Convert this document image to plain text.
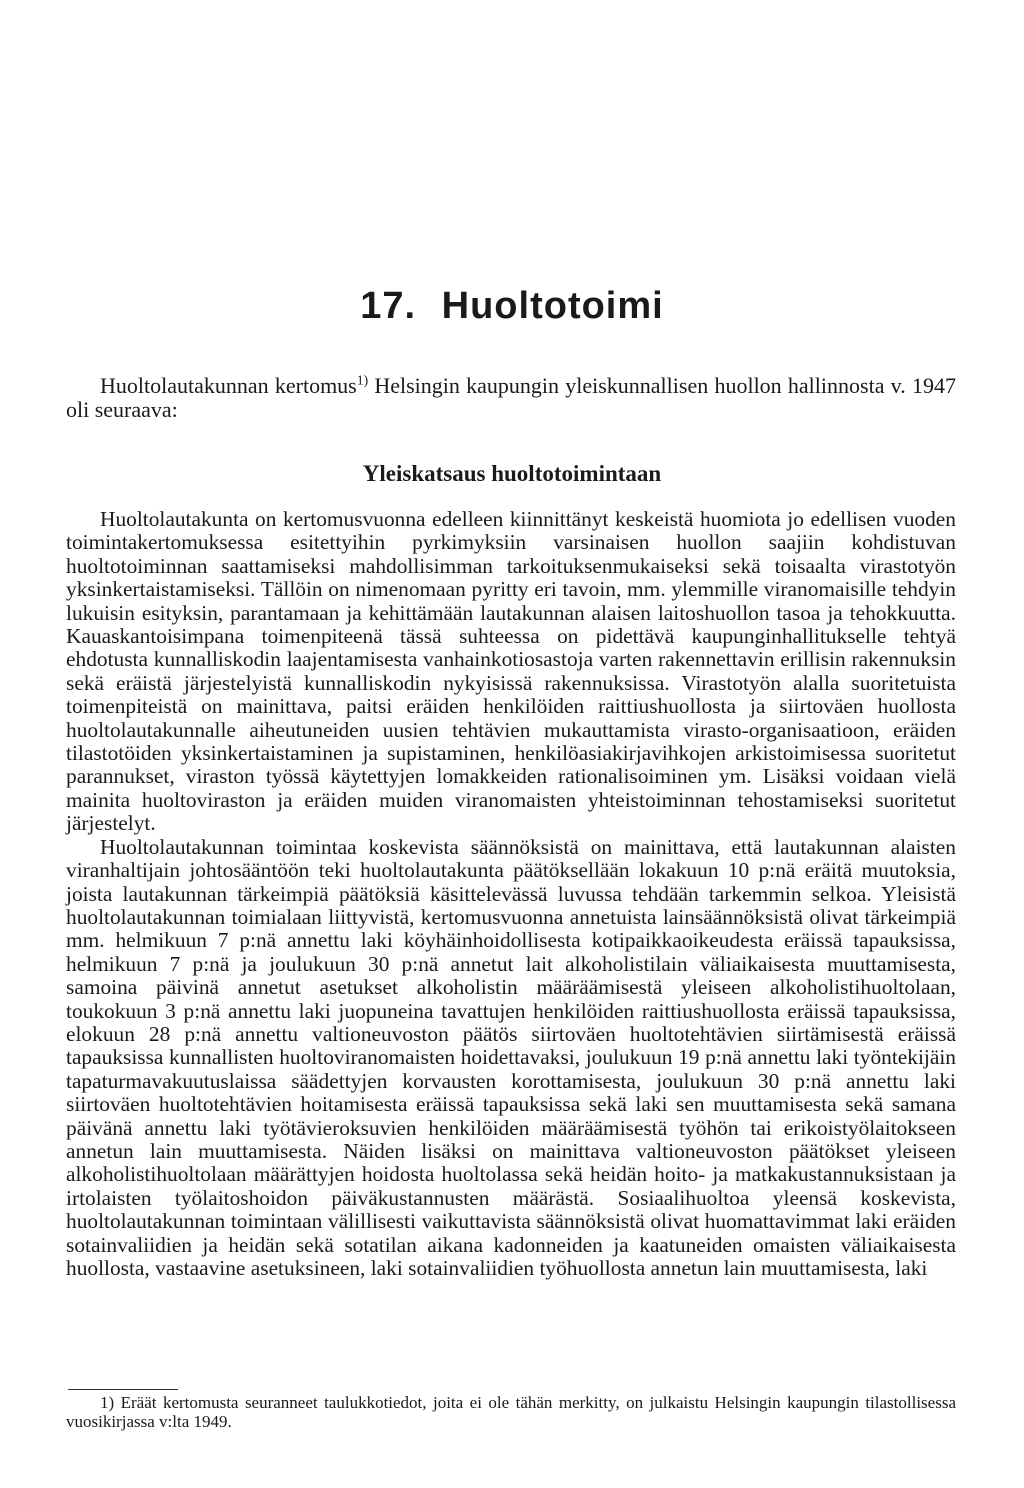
17. Huoltotoimi

Huoltolautakunnan kertomus$^{1)}$ Helsingin kaupungin yleiskunnallisen huollon hallinnosta v. 1947 oli seuraava:

Yleiskatsaus huoltotoimintaan

Huoltolautakunta on kertomusvuonna edelleen kiinnittänyt keskeistä huomiota jo edellisen vuoden toimintakertomuksessa esitettyihin pyrkimyksiin varsinaisen huollon saajiin kohdistuvan huoltotoiminnan saattamiseksi mahdollisimman tarkoituksenmukaiseksi sekä toisaalta virastotyön yksinkertaistamiseksi. Tällöin on nimenomaan pyritty eri tavoin, mm. ylemmille viranomaisille tehdyin lukuisin esityksin, parantamaan ja kehittämään lautakunnan alaisen laitoshuollon tasoa ja tehokkuutta. Kauaskantoisimpana toimenpiteenä tässä suhteessa on pidettävä kaupunginhallitukselle tehtyä ehdotusta kunnalliskodin laajentamisesta vanhainkotiosastoja varten rakennettavin erillisin rakennuksin sekä eräistä järjestelyistä kunnalliskodin nykyisissä rakennuksissa. Virastotyön alalla suoritetuista toimenpiteistä on mainittava, paitsi eräiden henkilöiden raittiushuollosta ja siirtoväen huollosta huoltolautakunnalle aiheutuneiden uusien tehtävien mukauttamista virasto-organisaatioon, eräiden tilastotöiden yksinkertaistaminen ja supistaminen, henkilöasiakirjavihkojen arkistoimisessa suoritetut parannukset, viraston työssä käytettyjen lomakkeiden rationalisoiminen ym. Lisäksi voidaan vielä mainita huoltoviraston ja eräiden muiden viranomaisten yhteistoiminnan tehostamiseksi suoritetut järjestelyt.

Huoltolautakunnan toimintaa koskevista säännöksistä on mainittava, että lautakunnan alaisten viranhaltijain johtosääntöön teki huoltolautakunta päätöksellään lokakuun 10 p:nä eräitä muutoksia, joista lautakunnan tärkeimpiä päätöksiä käsittelevässä luvussa tehdään tarkemmin selkoa. Yleisistä huoltolautakunnan toimialaan liittyvistä, kertomusvuonna annetuista lainsäännöksistä olivat tärkeimpiä mm. helmikuun 7 p:nä annettu laki köyhäinhoidollisesta kotipaikkaoikeudesta eräissä tapauksissa, helmikuun 7 p:nä ja joulukuun 30 p:nä annetut lait alkoholistilain väliaikaisesta muuttamisesta, samoina päivinä annetut asetukset alkoholistin määräämisestä yleiseen alkoholistihuoltolaan, toukokuun 3 p:nä annettu laki juopuneina tavattujen henkilöiden raittiushuollosta eräissä tapauksissa, elokuun 28 p:nä annettu valtioneuvoston päätös siirtoväen huoltotehtävien siirtämisestä eräissä tapauksissa kunnallisten huoltoviranomaisten hoidettavaksi, joulukuun 19 p:nä annettu laki työntekijäin tapaturmavakuutuslaissa säädettyjen korvausten korottamisesta, joulukuun 30 p:nä annettu laki siirtoväen huoltotehtävien hoitamisesta eräissä tapauksissa sekä laki sen muuttamisesta sekä samana päivänä annettu laki työtävieroksuvien henkilöiden määräämisestä työhön tai erikoistyölaitokseen annetun lain muuttamisesta. Näiden lisäksi on mainittava valtioneuvoston päätökset yleiseen alkoholistihuoltolaan määrättyjen hoidosta huoltolassa sekä heidän hoito- ja matkakustannuksistaan ja irtolaisten työlaitoshoidon päiväkustannusten määrästä. Sosiaalihuoltoa yleensä koskevista, huoltolautakunnan toimintaan välillisesti vaikuttavista säännöksistä olivat huomattavimmat laki eräiden sotainvaliidien ja heidän sekä sotatilan aikana kadonneiden ja kaatuneiden omaisten väliaikaisesta huollosta, vastaavine asetuksineen, laki sotainvaliidien työhuollosta annetun lain muuttamisesta, laki

1) Eräät kertomusta seuranneet taulukkotiedot, joita ei ole tähän merkitty, on julkaistu Helsingin kaupungin tilastollisessa vuosikirjassa v:lta 1949.
